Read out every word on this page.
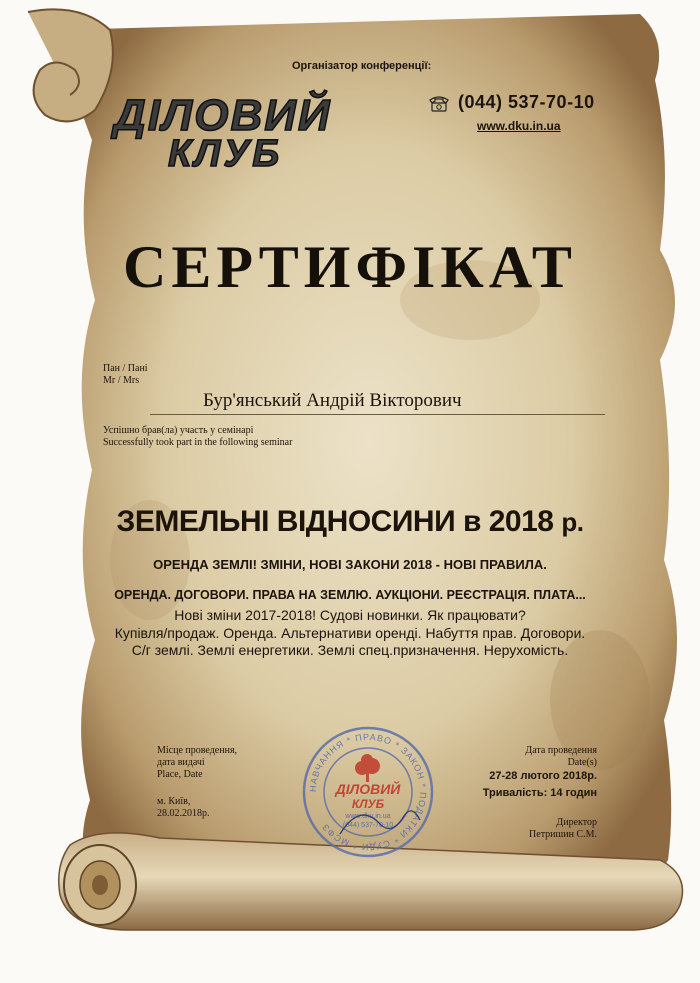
Організатор конференції:
ДІЛОВИЙ
КЛУБ
(044) 537-70-10
www.dku.in.ua
СЕРТИФІКАТ
Пан / Пані
Mr / Mrs
Бур'янський Андрій Вікторович
Успішно брав(ла) участь у семінарі
Successfully took part in the following seminar
ЗЕМЕЛЬНІ ВІДНОСИНИ в 2018 р.
ОРЕНДА ЗЕМЛІ! ЗМІНИ, НОВІ ЗАКОНИ 2018 - НОВІ ПРАВИЛА.
ОРЕНДА. ДОГОВОРИ. ПРАВА НА ЗЕМЛЮ. АУКЦІОНИ. РЕЄСТРАЦІЯ. ПЛАТА...
Нові зміни 2017-2018! Судові новинки. Як працювати?
Купівля/продаж. Оренда. Альтернативи оренді. Набуття прав. Договори.
С/г землі. Землі енергетики. Землі спец.призначення. Нерухомість.
Місце проведення,
дата видачі
Place, Date
м. Київ,
28.02.2018р.
НАВЧАННЯ * ПРАВО * ЗАКОН * ПОДАТКИ * СУДИ * МСФЗ
ДІЛОВИЙ
КЛУБ
www.dku.in.ua
(044) 537-70-10
Дата проведення
Date(s)
27-28 лютого 2018р.
Тривалість: 14 годин
Директор
Петришин С.М.
